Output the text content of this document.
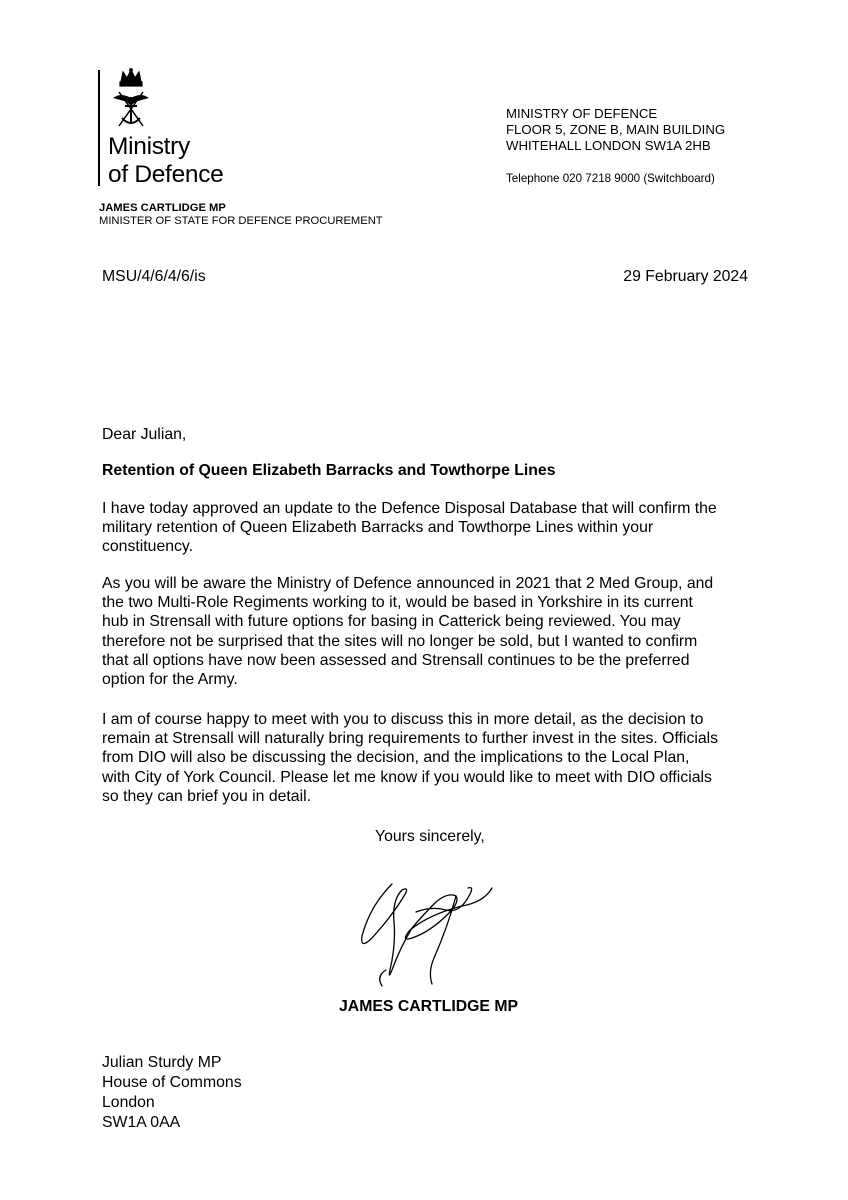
Ministry
of Defence
JAMES CARTLIDGE MP
MINISTER OF STATE FOR DEFENCE PROCUREMENT
MINISTRY OF DEFENCE
FLOOR 5, ZONE B, MAIN BUILDING
WHITEHALL LONDON SW1A 2HB
Telephone 020 7218 9000 (Switchboard)
MSU/4/6/4/6/is	29 February 2024
Dear Julian,
Retention of Queen Elizabeth Barracks and Towthorpe Lines
I have today approved an update to the Defence Disposal Database that will confirm the
military retention of Queen Elizabeth Barracks and Towthorpe Lines within your
constituency.
As you will be aware the Ministry of Defence announced in 2021 that 2 Med Group, and
the two Multi-Role Regiments working to it, would be based in Yorkshire in its current
hub in Strensall with future options for basing in Catterick being reviewed. You may
therefore not be surprised that the sites will no longer be sold, but I wanted to confirm
that all options have now been assessed and Strensall continues to be the preferred
option for the Army.
I am of course happy to meet with you to discuss this in more detail, as the decision to
remain at Strensall will naturally bring requirements to further invest in the sites. Officials
from DIO will also be discussing the decision, and the implications to the Local Plan,
with City of York Council. Please let me know if you would like to meet with DIO officials
so they can brief you in detail.
Yours sincerely,
JAMES CARTLIDGE MP
Julian Sturdy MP
House of Commons
London
SW1A 0AA
